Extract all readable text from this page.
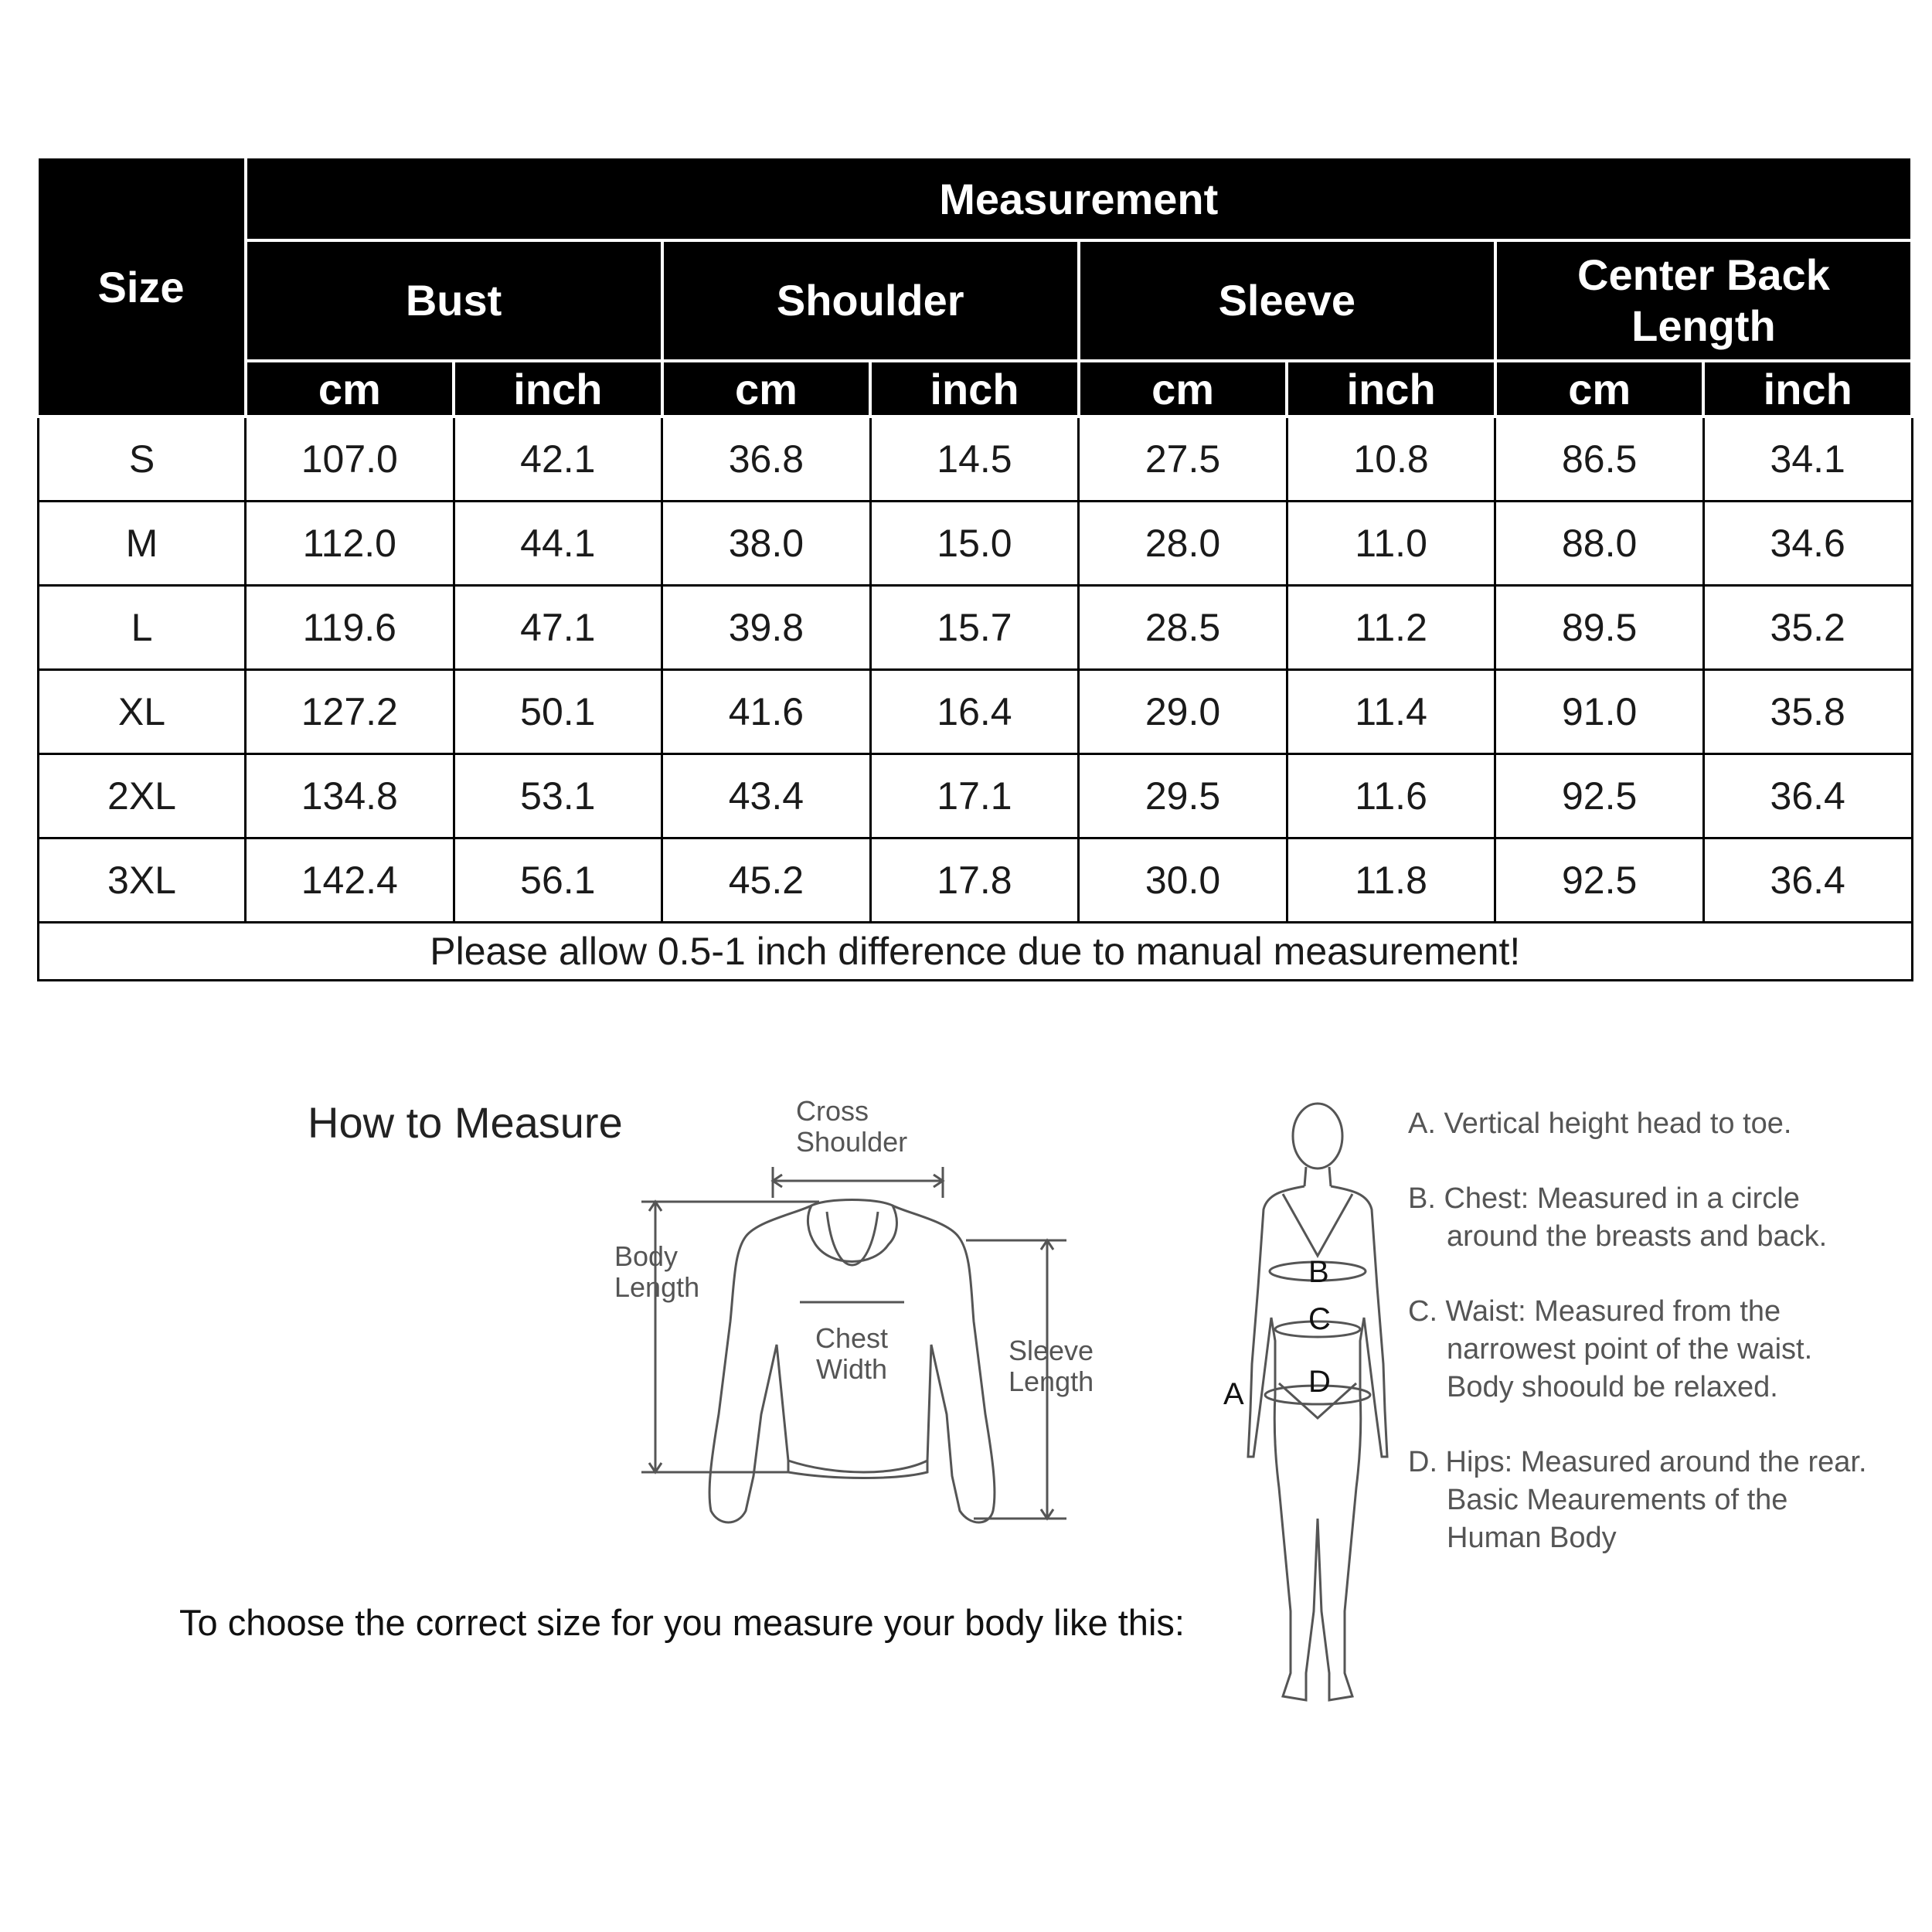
Size	Measurement							
	Bust		Shoulder		Sleeve		Center Back Length	
	cm	inch	cm	inch	cm	inch	cm	inch
S	107.0	42.1	36.8	14.5	27.5	10.8	86.5	34.1
M	112.0	44.1	38.0	15.0	28.0	11.0	88.0	34.6
L	119.6	47.1	39.8	15.7	28.5	11.2	89.5	35.2
XL	127.2	50.1	41.6	16.4	29.0	11.4	91.0	35.8
2XL	134.8	53.1	43.4	17.1	29.5	11.6	92.5	36.4
3XL	142.4	56.1	45.2	17.8	30.0	11.8	92.5	36.4
Please allow 0.5-1 inch difference due to manual measurement!								
How to Measure	Cross
Shoulder
Body
Length
Chest
Width
Sleeve
Length
To choose the correct size for you measure your body like this:
A
B
C
D
A. Vertical height head to toe.
B. Chest: Measured in a circle around the breasts and back.
C. Waist: Measured from the narrowest point of the waist. Body shoould be relaxed.
D. Hips: Measured around the rear. Basic Meaurements of the Human Body
